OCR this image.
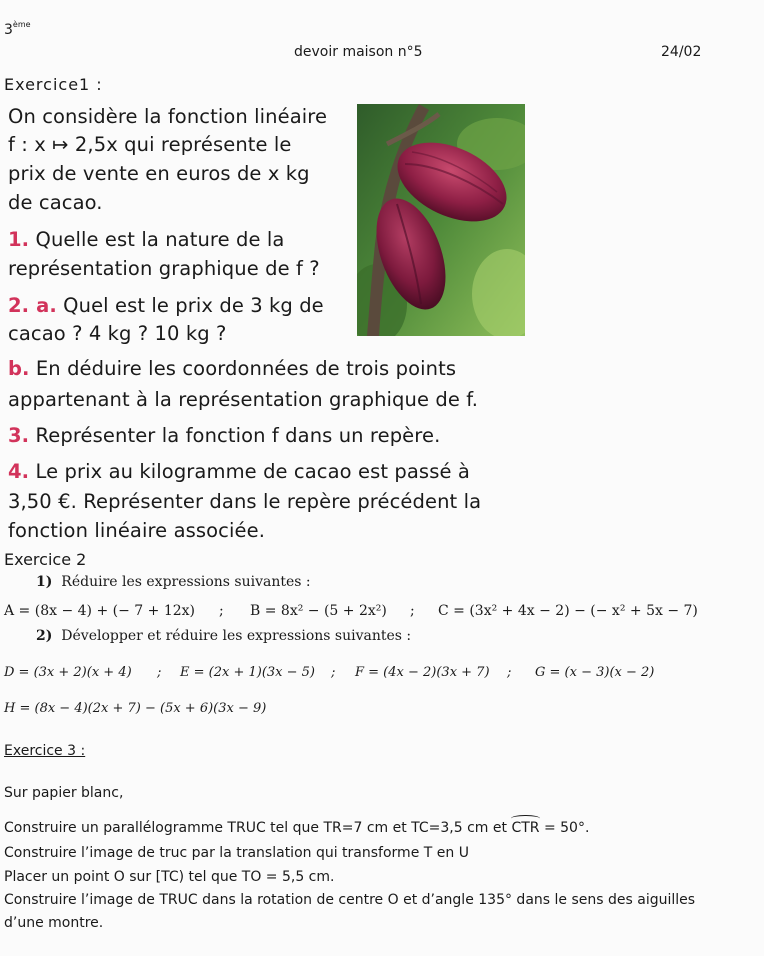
3ème
devoir maison n°5	24/02
Exercice1 :
On considère la fonction linéaire
f : x ↦ 2,5x qui représente le
prix de vente en euros de x kg
de cacao.
1. Quelle est la nature de la
représentation graphique de f ?
2. a. Quel est le prix de 3 kg de
cacao ? 4 kg ? 10 kg ?
b. En déduire les coordonnées de trois points
appartenant à la représentation graphique de f.
3. Représenter la fonction f dans un repère.
4. Le prix au kilogramme de cacao est passé à
3,50 €. Représenter dans le repère précédent la
fonction linéaire associée.
Exercice 2
1) Réduire les expressions suivantes :
A = (8x − 4) + (− 7 + 12x) ; B = 8x² − (5 + 2x²) ; C = (3x² + 4x − 2) − (− x² + 5x − 7)
2) Développer et réduire les expressions suivantes :
D = (3x + 2)(x + 4) ; E = (2x + 1)(3x − 5) ; F = (4x − 2)(3x + 7) ; G = (x − 3)(x − 2)
H = (8x − 4)(2x + 7) − (5x + 6)(3x − 9)
Exercice 3 :
Sur papier blanc,
Construire un parallélogramme TRUC tel que TR=7 cm et TC=3,5 cm et CTR = 50°.
Construire l’image de truc par la translation qui transforme T en U
Placer un point O sur [TC) tel que TO = 5,5 cm.
Construire l’image de TRUC dans la rotation de centre O et d’angle 135° dans le sens des aiguilles
d’une montre.
